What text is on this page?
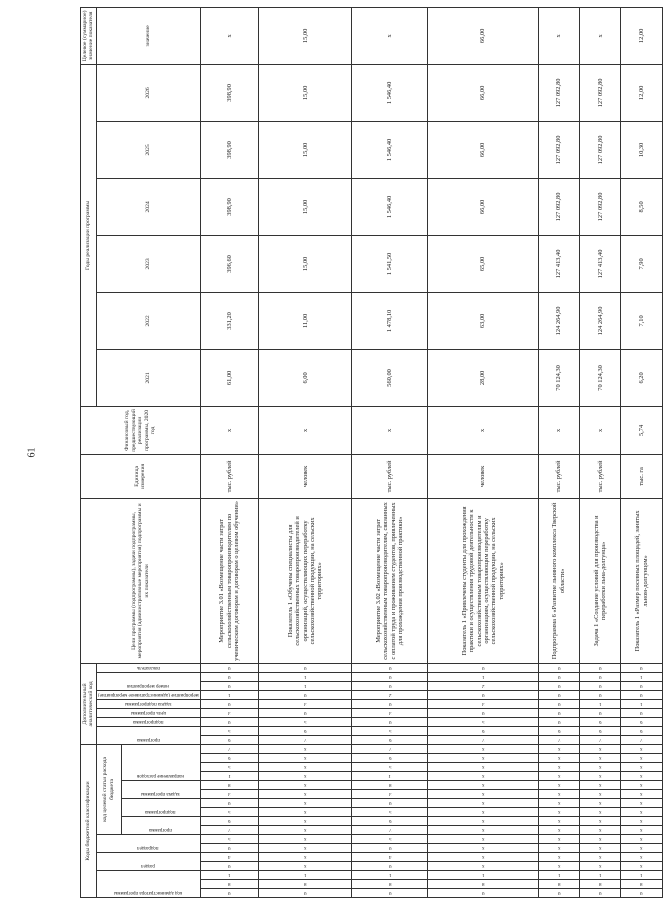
61
Коды бюджетной классификации																	Дополнительный аналитический код									Цели программы (подпрограммы), задачи подпрограммы, мероприятия (административные мероприятия) подпрограммы и их показатели	Единица измерения	Финансовый год, предшествующий реализации программы, 2020 год	Годы реализации программы						Целевое (суммарное) значение показателя

код администратора программы			раздел		подраздел		код целевой статьи расхода бюджета										программа		подпрограмма	цель программы	задача подпрограммы	мероприятие (административное мероприятие)	номер мероприятия		показатель				2021	2022	2023	2024	2025	2026	значение

							программа		подпрограмма		задача программы		направление расходов																						

0	8	1	0	4	0	5	7	6	5	0	3	8	Т	5	6	7	6	5	0	3	0	1	0	0	0	Мероприятие 3.01 «Возмещение части затрат сельскохозяйственным товаропроизводителям по ученическим договорам и договорам о целевом обучении»	тыс. рублей	х	61,00	331,20	396,60	398,90	398,90	398,90	х

0	8	1	х	х	х	х	х	х	х	х	х	х	х	х	х	х	7	6	5	0	3	0	1	1	0	Показатель 1 «Обучены специалисты для сельскохозяйственных товаропроизводителей и организаций, осуществляющих переработку сельскохозяйственной продукции, на сельских территориях»	человек	х	6,00	11,00	15,00	15,00	15,00	15,00	15,00

0	8	1	0	4	0	5	7	6	5	0	3	8	Т	5	6	7	6	5	0	3	0	2	0	0	0	Мероприятие 3.02 «Возмещение части затрат сельскохозяйственным товаропроизводителям, связанных с оплатой труда и проживанием студентов, привлеченных для прохождения производственной практики»	тыс. рублей	х	560,00	1 478,10	1 541,50	1 546,40	1 546,40	1 546,40	х

0	8	1	х	х	х	х	х	х	х	х	х	х	х	х	х	х	7	6	5	0	3	0	2	1	0	Показатель 1 «Привлечены студенты для прохождения практики и осуществления трудовой деятельности к сельскохозяйственным товаропроизводителям и организациям, осуществляющим переработку сельскохозяйственной продукции, на сельских территориях»	человек	х	28,00	63,00	65,00	66,00	66,00	66,00	66,00

0	8	1	х	х	х	х	х	х	х	х	х	х	х	х	х	х	7	6	0	0	0	0	0	0	0	Подпрограмма 6 «Развитие льняного комплекса Тверской области»	тыс. рублей	х	70 124,30	124 264,90	127 413,40	127 092,80	127 092,80	127 092,80	х

0	8	1	х	х	х	х	х	х	х	х	х	х	х	х	х	х	7	6	6	0	1	0	0	0	0	Задача 1 «Создание условий для производства и переработки льна-долгунца»	тыс. рублей	х	70 124,30	124 264,90	127 413,40	127 092,80	127 092,80	127 092,80	х

0	8	1	х	х	х	х	х	х	х	х	х	х	х	х	х	х	7	6	6	0	1	0	0	1	0	Показатель 1 «Размер посевных площадей, занятых льном-долгунцом»	тыс. га	5,74	6,20	7,10	7,90	8,50	10,30	12,00	12,00
